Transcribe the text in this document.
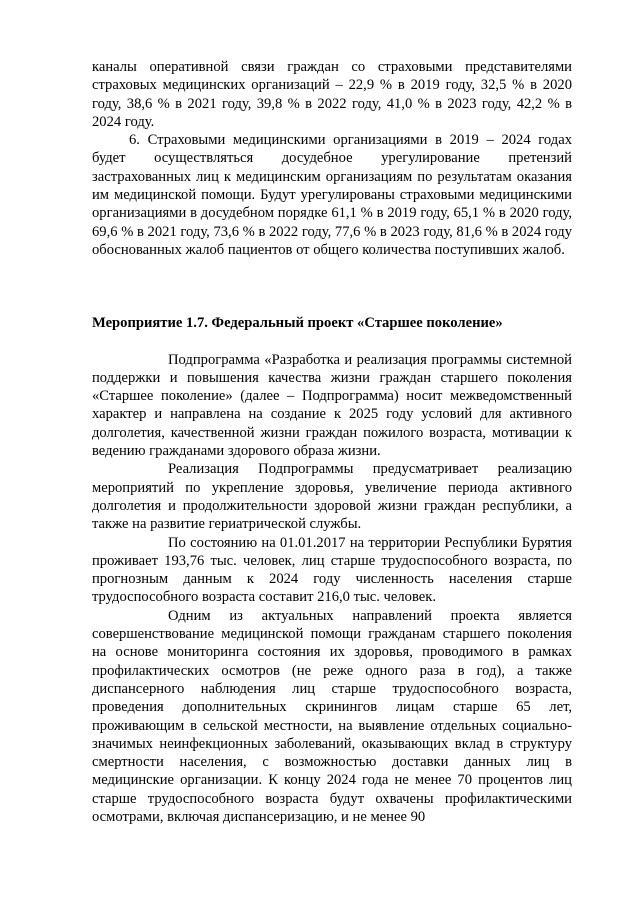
каналы оперативной связи граждан со страховыми представителями страховых медицинских организаций – 22,9 % в 2019 году, 32,5 % в 2020 году, 38,6 % в 2021 году, 39,8 % в 2022 году, 41,0 % в 2023 году, 42,2 % в 2024 году.

6. Страховыми медицинскими организациями в 2019 – 2024 годах будет осуществляться досудебное урегулирование претензий застрахованных лиц к медицинским организациям по результатам оказания им медицинской помощи. Будут урегулированы страховыми медицинскими организациями в досудебном порядке 61,1 % в 2019 году, 65,1 % в 2020 году, 69,6 % в 2021 году, 73,6 % в 2022 году, 77,6 % в 2023 году, 81,6 % в 2024 году обоснованных жалоб пациентов от общего количества поступивших жалоб.

Мероприятие 1.7. Федеральный проект «Старшее поколение»

Подпрограмма «Разработка и реализация программы системной поддержки и повышения качества жизни граждан старшего поколения «Старшее поколение» (далее – Подпрограмма) носит межведомственный характер и направлена на создание к 2025 году условий для активного долголетия, качественной жизни граждан пожилого возраста, мотивации к ведению гражданами здорового образа жизни.

Реализация Подпрограммы предусматривает реализацию мероприятий по укрепление здоровья, увеличение периода активного долголетия и продолжительности здоровой жизни граждан республики, а также на развитие гериатрической службы.

По состоянию на 01.01.2017 на территории Республики Бурятия проживает 193,76 тыс. человек, лиц старше трудоспособного возраста, по прогнозным данным к 2024 году численность населения старше трудоспособного возраста составит 216,0 тыс. человек.

Одним из актуальных направлений проекта является совершенствование медицинской помощи гражданам старшего поколения на основе мониторинга состояния их здоровья, проводимого в рамках профилактических осмотров (не реже одного раза в год), а также диспансерного наблюдения лиц старше трудоспособного возраста, проведения дополнительных скринингов лицам старше 65 лет, проживающим в сельской местности, на выявление отдельных социально-значимых неинфекционных заболеваний, оказывающих вклад в структуру смертности населения, с возможностью доставки данных лиц в медицинские организации. К концу 2024 года не менее 70 процентов лиц старше трудоспособного возраста будут охвачены профилактическими осмотрами, включая диспансеризацию, и не менее 90
